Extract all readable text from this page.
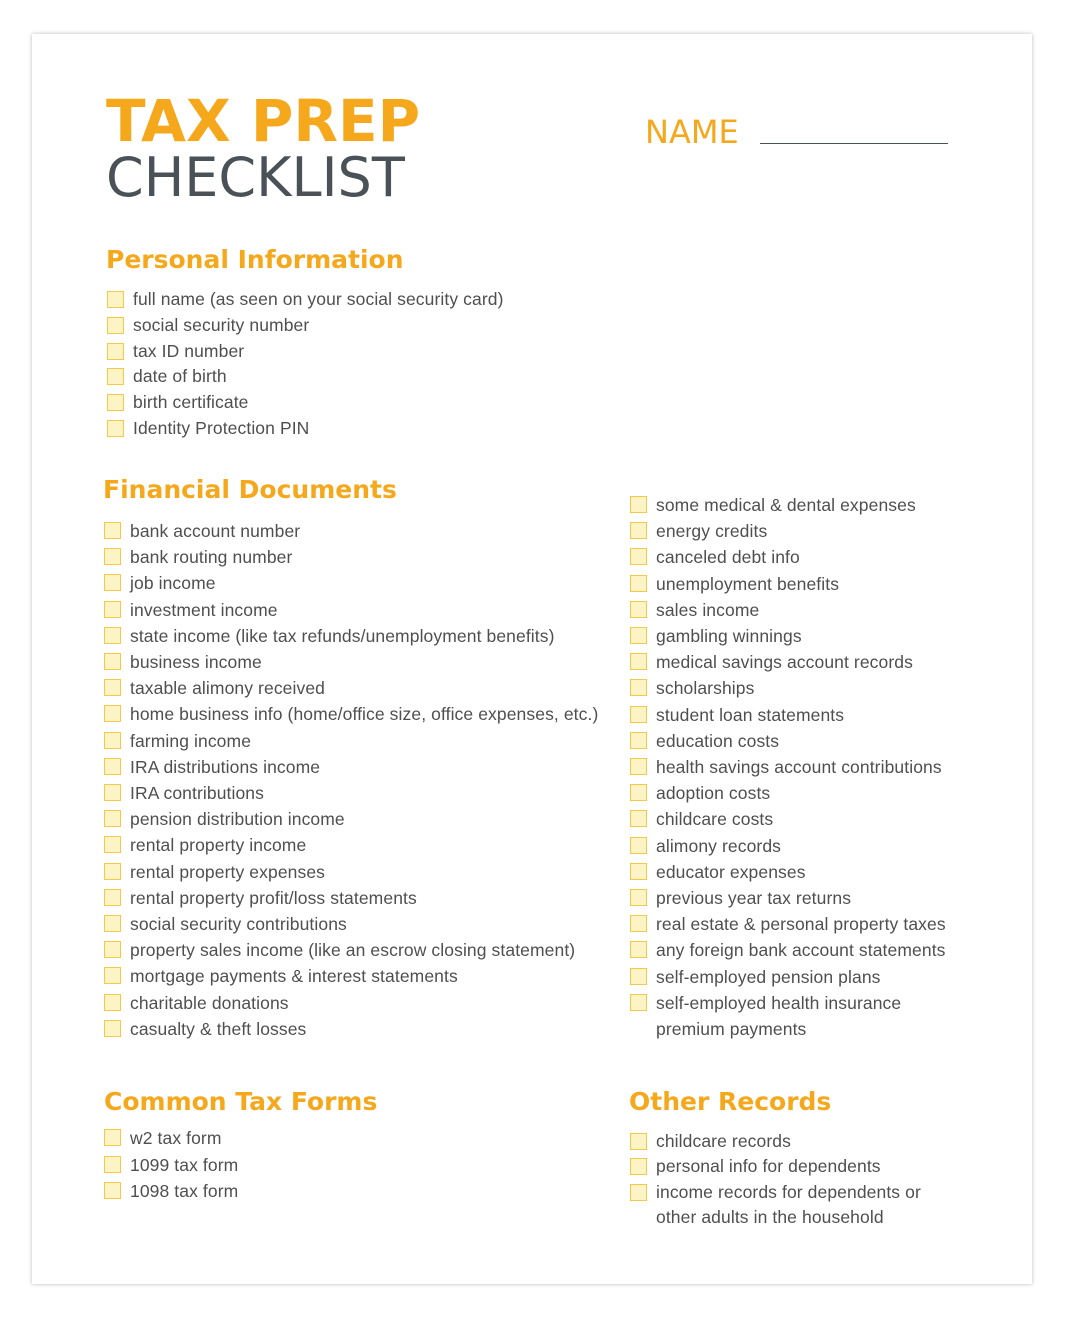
TAX PREP
CHECKLIST
NAME
Personal Information
full name (as seen on your social security card)
social security number
tax ID number
date of birth
birth certificate
Identity Protection PIN
Financial Documents
bank account number
bank routing number
job income
investment income
state income (like tax refunds/unemployment benefits)
business income
taxable alimony received
home business info (home/office size, office expenses, etc.)
farming income
IRA distributions income
IRA contributions
pension distribution income
rental property income
rental property expenses
rental property profit/loss statements
social security contributions
property sales income (like an escrow closing statement)
mortgage payments & interest statements
charitable donations
casualty & theft losses
some medical & dental expenses
energy credits
canceled debt info
unemployment benefits
sales income
gambling winnings
medical savings account records
scholarships
student loan statements
education costs
health savings account contributions
adoption costs
childcare costs
alimony records
educator expenses
previous year tax returns
real estate & personal property taxes
any foreign bank account statements
self-employed pension plans
self-employed health insurance premium payments
Common Tax Forms
w2 tax form
1099 tax form
1098 tax form
Other Records
childcare records
personal info for dependents
income records for dependents or other adults in the household
